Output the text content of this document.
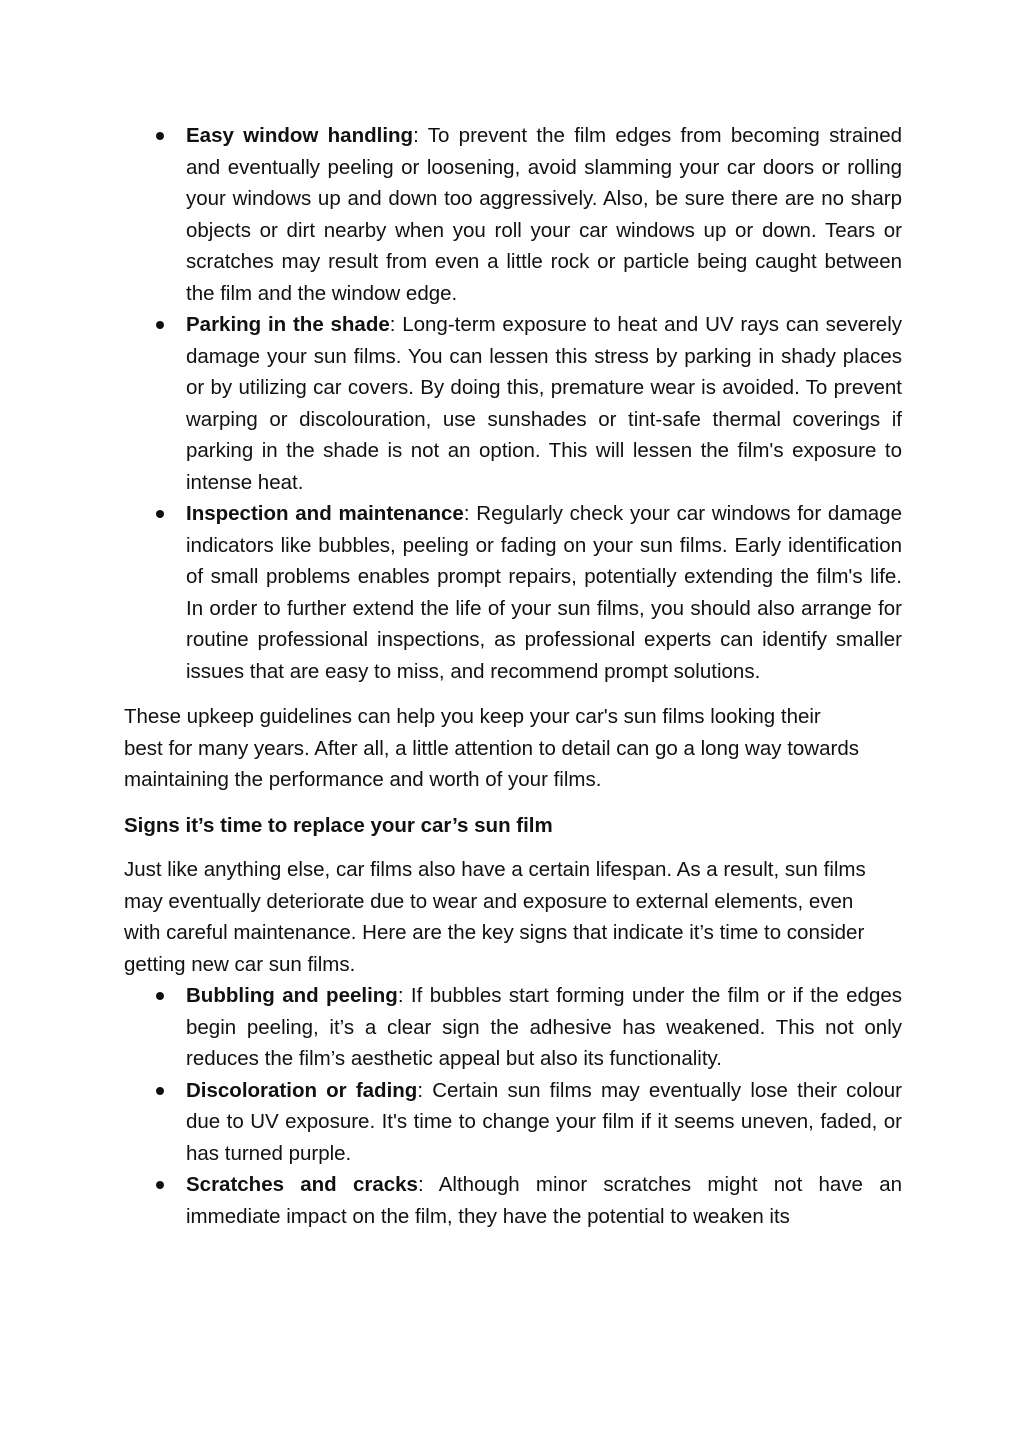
Easy window handling: To prevent the film edges from becoming strained and eventually peeling or loosening, avoid slamming your car doors or rolling your windows up and down too aggressively. Also, be sure there are no sharp objects or dirt nearby when you roll your car windows up or down. Tears or scratches may result from even a little rock or particle being caught between the film and the window edge.
Parking in the shade: Long-term exposure to heat and UV rays can severely damage your sun films. You can lessen this stress by parking in shady places or by utilizing car covers. By doing this, premature wear is avoided. To prevent warping or discolouration, use sunshades or tint-safe thermal coverings if parking in the shade is not an option. This will lessen the film's exposure to intense heat.
Inspection and maintenance: Regularly check your car windows for damage indicators like bubbles, peeling or fading on your sun films. Early identification of small problems enables prompt repairs, potentially extending the film's life. In order to further extend the life of your sun films, you should also arrange for routine professional inspections, as professional experts can identify smaller issues that are easy to miss, and recommend prompt solutions.

These upkeep guidelines can help you keep your car's sun films looking their best for many years. After all, a little attention to detail can go a long way towards maintaining the performance and worth of your films.

Signs it’s time to replace your car’s sun film

Just like anything else, car films also have a certain lifespan. As a result, sun films may eventually deteriorate due to wear and exposure to external elements, even with careful maintenance. Here are the key signs that indicate it’s time to consider getting new car sun films.

Bubbling and peeling: If bubbles start forming under the film or if the edges begin peeling, it’s a clear sign the adhesive has weakened. This not only reduces the film’s aesthetic appeal but also its functionality.
Discoloration or fading: Certain sun films may eventually lose their colour due to UV exposure. It's time to change your film if it seems uneven, faded, or has turned purple.
Scratches and cracks: Although minor scratches might not have an immediate impact on the film, they have the potential to weaken its
